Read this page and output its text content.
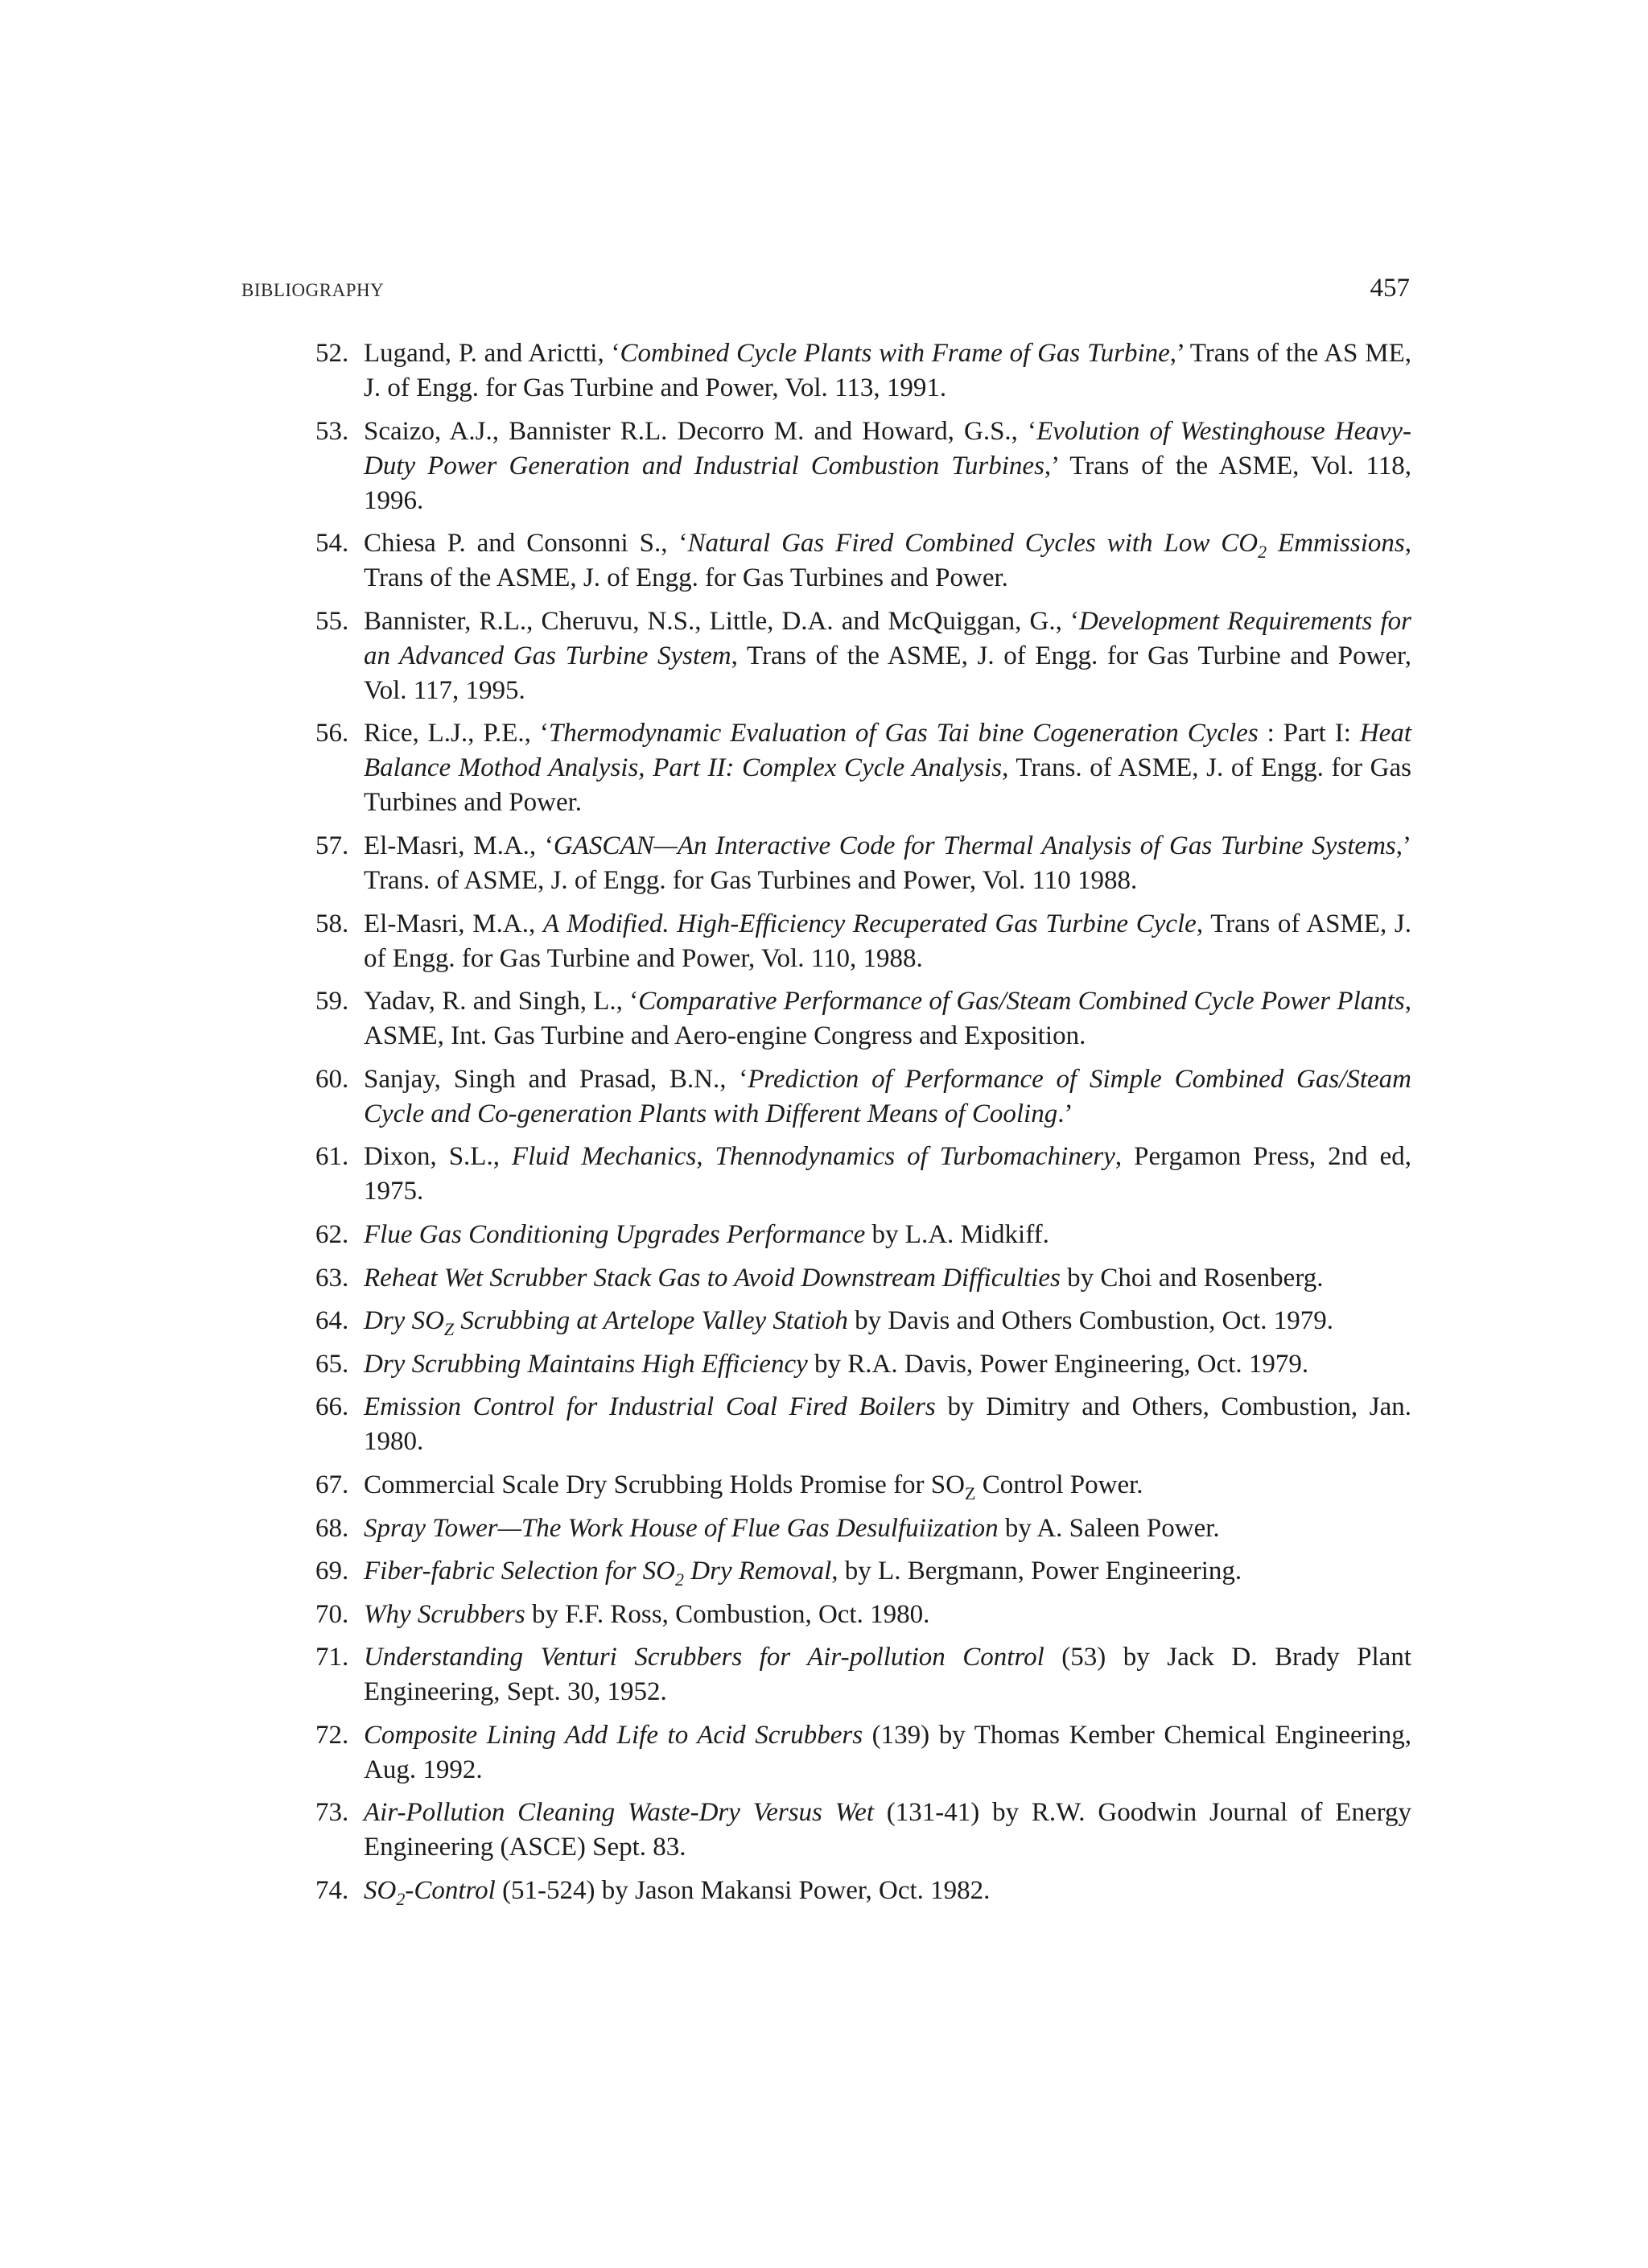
BIBLIOGRAPHY	457
52. Lugand, P. and Arictti, ‘Combined Cycle Plants with Frame of Gas Turbine,’ Trans of the AS ME, J. of Engg. for Gas Turbine and Power, Vol. 113, 1991.
53. Scaizo, A.J., Bannister R.L. Decorro M. and Howard, G.S., ‘Evolution of Westinghouse Heavy-Duty Power Generation and Industrial Combustion Turbines,’ Trans of the ASME, Vol. 118, 1996.
54. Chiesa P. and Consonni S., ‘Natural Gas Fired Combined Cycles with Low $CO_2$ Emmissions, Trans of the ASME, J. of Engg. for Gas Turbines and Power.
55. Bannister, R.L., Cheruvu, N.S., Little, D.A. and McQuiggan, G., ‘Development Requirements for an Advanced Gas Turbine System, Trans of the ASME, J. of Engg. for Gas Turbine and Power, Vol. 117, 1995.
56. Rice, L.J., P.E., ‘Thermodynamic Evaluation of Gas Tai bine Cogeneration Cycles : Part I: Heat Balance Mothod Analysis, Part II: Complex Cycle Analysis, Trans. of ASME, J. of Engg. for Gas Turbines and Power.
57. El-Masri, M.A., ‘GASCAN—An Interactive Code for Thermal Analysis of Gas Turbine Systems,’ Trans. of ASME, J. of Engg. for Gas Turbines and Power, Vol. 110 1988.
58. El-Masri, M.A., A Modified. High-Efficiency Recuperated Gas Turbine Cycle, Trans of ASME, J. of Engg. for Gas Turbine and Power, Vol. 110, 1988.
59. Yadav, R. and Singh, L., ‘Comparative Performance of Gas/Steam Combined Cycle Power Plants, ASME, Int. Gas Turbine and Aero-engine Congress and Exposition.
60. Sanjay, Singh and Prasad, B.N., ‘Prediction of Performance of Simple Combined Gas/Steam Cycle and Co-generation Plants with Different Means of Cooling.’
61. Dixon, S.L., Fluid Mechanics, Thennodynamics of Turbomachinery, Pergamon Press, 2nd ed, 1975.
62. Flue Gas Conditioning Upgrades Performance by L.A. Midkiff.
63. Reheat Wet Scrubber Stack Gas to Avoid Downstream Difficulties by Choi and Rosenberg.
64. Dry $SO_Z$ Scrubbing at Artelope Valley Statioh by Davis and Others Combustion, Oct. 1979.
65. Dry Scrubbing Maintains High Efficiency by R.A. Davis, Power Engineering, Oct. 1979.
66. Emission Control for Industrial Coal Fired Boilers by Dimitry and Others, Combustion, Jan. 1980.
67. Commercial Scale Dry Scrubbing Holds Promise for $SO_Z$ Control Power.
68. Spray Tower—The Work House of Flue Gas Desulfuiization by A. Saleen Power.
69. Fiber-fabric Selection for $SO_2$ Dry Removal, by L. Bergmann, Power Engineering.
70. Why Scrubbers by F.F. Ross, Combustion, Oct. 1980.
71. Understanding Venturi Scrubbers for Air-pollution Control (53) by Jack D. Brady Plant Engineering, Sept. 30, 1952.
72. Composite Lining Add Life to Acid Scrubbers (139) by Thomas Kember Chemical Engineering, Aug. 1992.
73. Air-Pollution Cleaning Waste-Dry Versus Wet (131-41) by R.W. Goodwin Journal of Energy Engineering (ASCE) Sept. 83.
74. $SO_2$-Control (51-524) by Jason Makansi Power, Oct. 1982.
